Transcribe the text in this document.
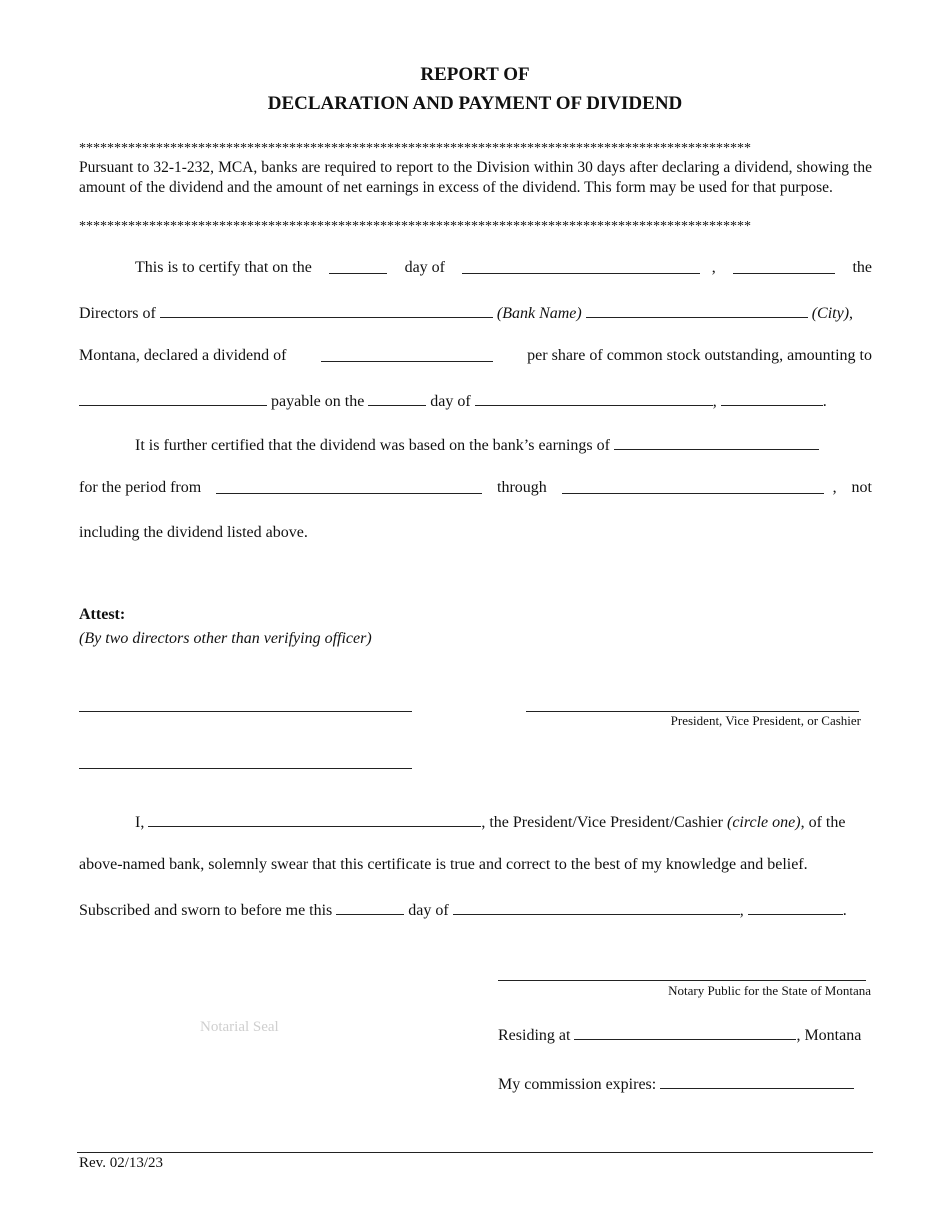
REPORT OF
DECLARATION AND PAYMENT OF DIVIDEND
************************************************************************************************
Pursuant to 32-1-232, MCA, banks are required to report to the Division within 30 days after declaring a dividend, showing the amount of the dividend and the amount of net earnings in excess of the dividend. This form may be used for that purpose.
************************************************************************************************
This is to certify that on the	day of	,	the
Directors of	(Bank Name)	(City),
Montana, declared a dividend of	per share of common stock outstanding, amounting to
payable on the	day of	,	.
It is further certified that the dividend was based on the bank’s earnings of
for the period from	through	, not
including the dividend listed above.
Attest:
(By two directors other than verifying officer)
President, Vice President, or Cashier
I,	, the President/Vice President/Cashier (circle one), of the
above-named bank, solemnly swear that this certificate is true and correct to the best of my knowledge and belief.
Subscribed and sworn to before me this	day of	,	.
Notary Public for the State of Montana
Notarial Seal	Residing at	, Montana
My commission expires:
Rev. 02/13/23
